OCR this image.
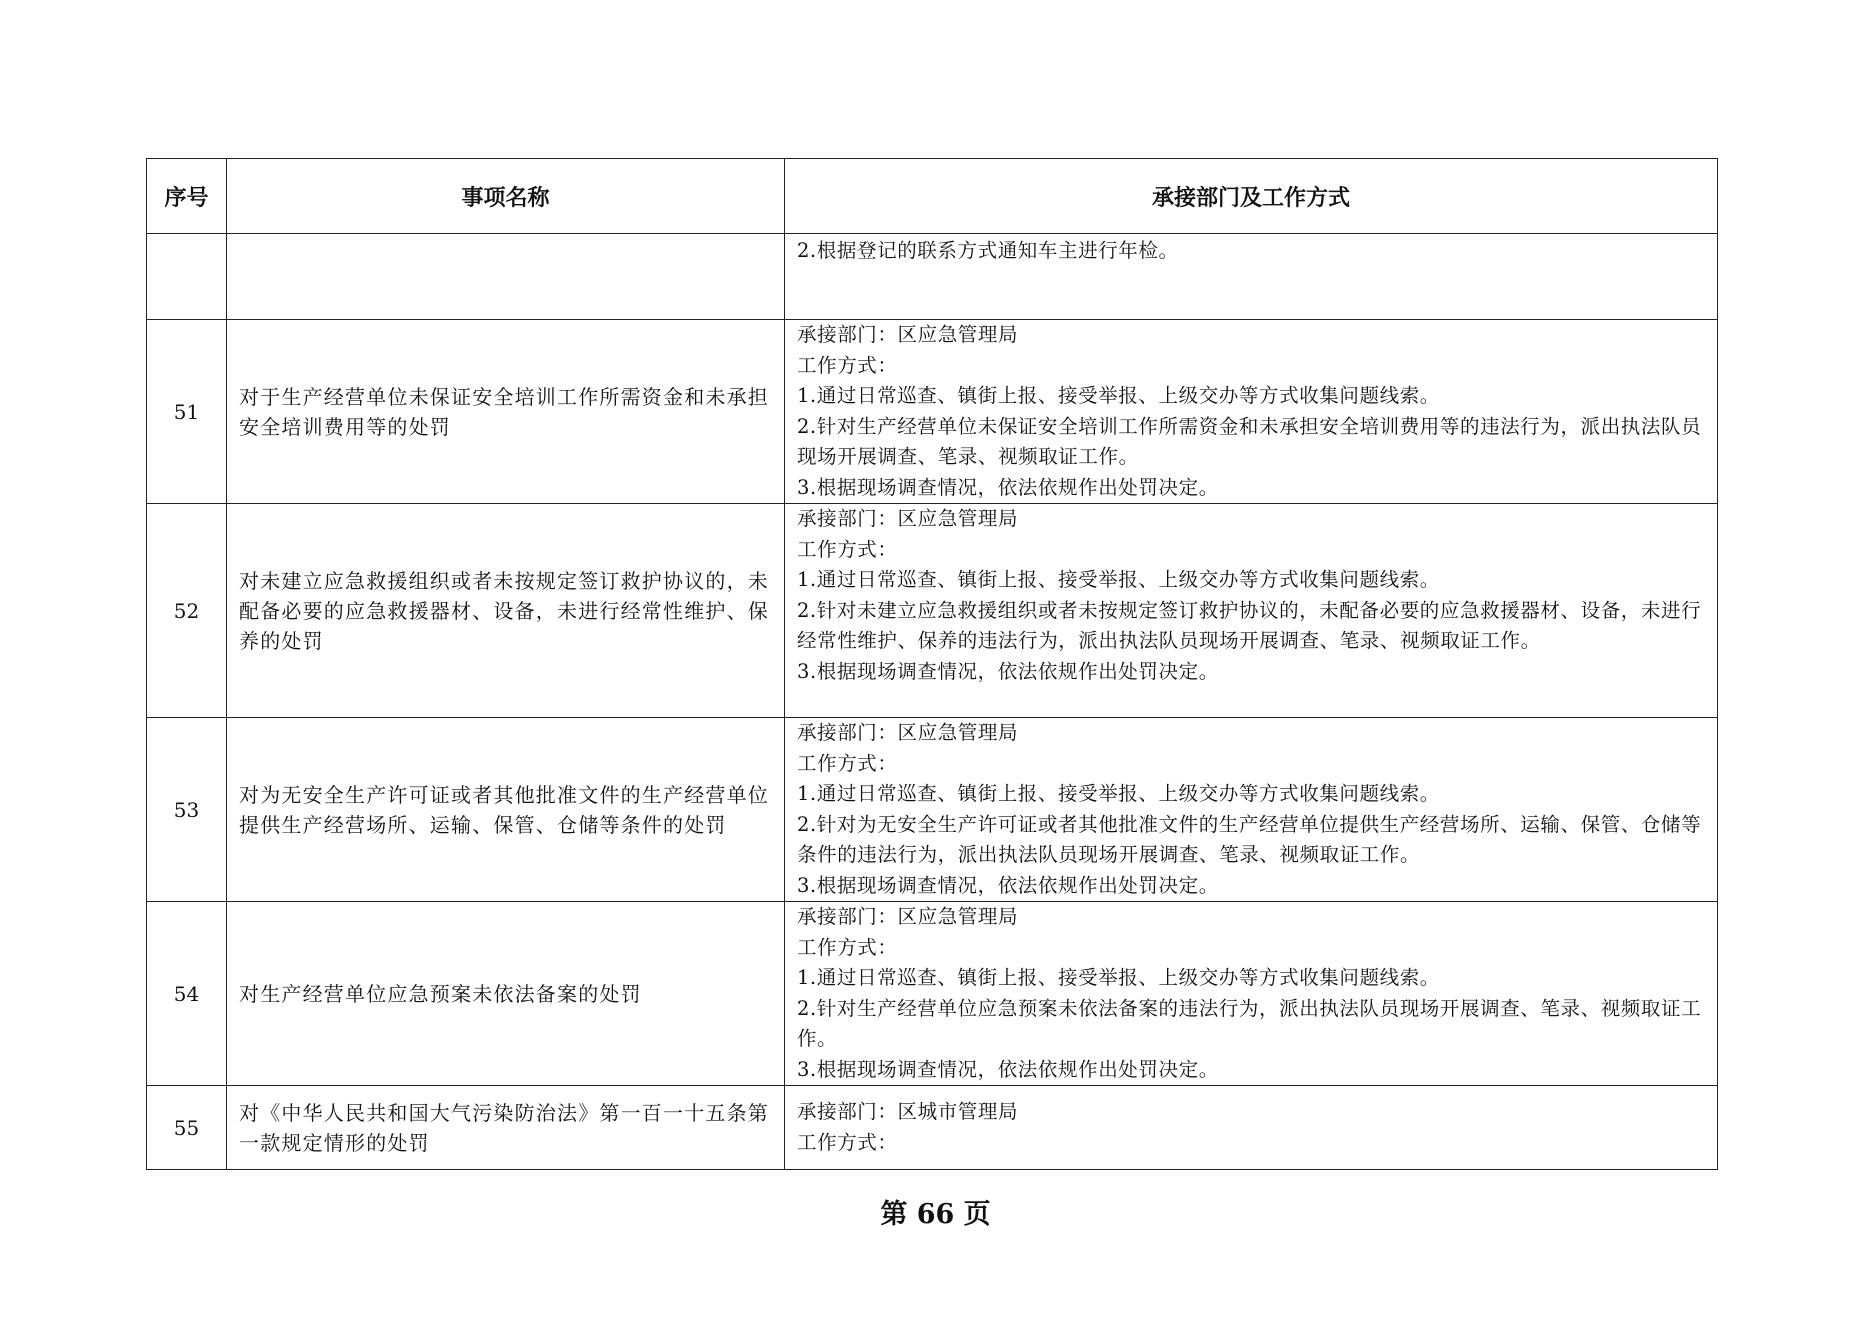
序号	事项名称	承接部门及工作方式

		2.根据登记的联系方式通知车主进行年检。

51	对于生产经营单位未保证安全培训工作所需资金和未承担安全培训费用等的处罚	承接部门：区应急管理局
工作方式：
1.通过日常巡查、镇街上报、接受举报、上级交办等方式收集问题线索。
2.针对生产经营单位未保证安全培训工作所需资金和未承担安全培训费用等的违法行为，派出执法队员现场开展调查、笔录、视频取证工作。
3.根据现场调查情况，依法依规作出处罚决定。

52	对未建立应急救援组织或者未按规定签订救护协议的，未配备必要的应急救援器材、设备，未进行经常性维护、保养的处罚	承接部门：区应急管理局
工作方式：
1.通过日常巡查、镇街上报、接受举报、上级交办等方式收集问题线索。
2.针对未建立应急救援组织或者未按规定签订救护协议的，未配备必要的应急救援器材、设备，未进行经常性维护、保养的违法行为，派出执法队员现场开展调查、笔录、视频取证工作。
3.根据现场调查情况，依法依规作出处罚决定。

53	对为无安全生产许可证或者其他批准文件的生产经营单位提供生产经营场所、运输、保管、仓储等条件的处罚	承接部门：区应急管理局
工作方式：
1.通过日常巡查、镇街上报、接受举报、上级交办等方式收集问题线索。
2.针对为无安全生产许可证或者其他批准文件的生产经营单位提供生产经营场所、运输、保管、仓储等条件的违法行为，派出执法队员现场开展调查、笔录、视频取证工作。
3.根据现场调查情况，依法依规作出处罚决定。

54	对生产经营单位应急预案未依法备案的处罚	承接部门：区应急管理局
工作方式：
1.通过日常巡查、镇街上报、接受举报、上级交办等方式收集问题线索。
2.针对生产经营单位应急预案未依法备案的违法行为，派出执法队员现场开展调查、笔录、视频取证工作。
3.根据现场调查情况，依法依规作出处罚决定。

55	对《中华人民共和国大气污染防治法》第一百一十五条第一款规定情形的处罚	承接部门：区城市管理局
工作方式：
第 66 页
